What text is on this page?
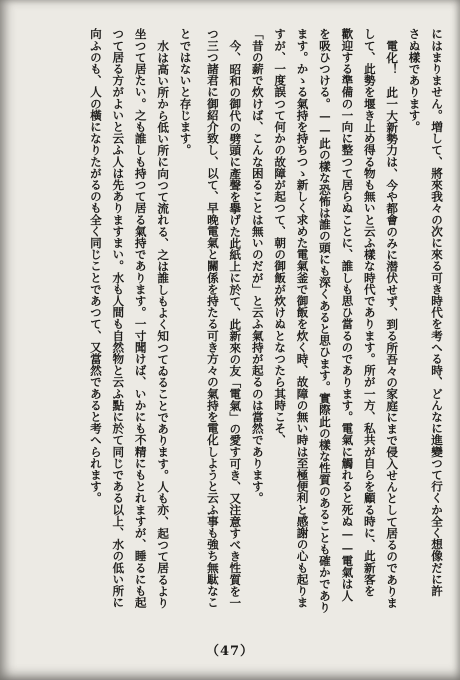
にはまりません。増して、將來我々の次に來る可き時代を考へる時、どんなに進變つて行くか全く想像だに許

さぬ樣であります。

電化！　此一大新勢力は、今や都會のみに潜伏せず、到る所吾々の家庭にまで侵入せんとして居るのでありま

して、此勢を堰き止め得る物も無いと云ふ樣な時代であります。所が一方、私共が自らを顧る時に、此新客を

歡迎する準備の一向に整つて居らぬことに、誰しも思ひ當るのであります。電氣に觸れると死ぬ——電氣は人

を吸ひつける。——此の樣な恐怖は誰の頭にも深くあると思ひます。實際此の樣な性質のあることも確かであり

ます。かゝる氣持を持ちつゝ新しく求めた電氣釜で御飯を炊く時、故障の無い時は至極便利と感謝の心も起りま

すが、一度誤つて何かの故障が起つて、朝の御飯が炊けぬとなつたら其時こそ、

「昔の薪で炊けば、こんな困ることは無いのだが」と云ふ氣持が起るのは當然であります。

今、昭和の御代の劈頭に產聲を擧げた此紙上に於て、此新來の友「電氣」の愛す可き、又注意すべき性質を一

つ三つ諸君に御紹介致し、以て、早晚電氣と關係を持たる可き方々の氣持を電化しようと云ふ事も強ち無駄なこ

とではないと存じます。

水は高い所から低い所に向つて流れる、之は誰しもよく知つてゐることであります。人も亦、起つて居るより

坐つて居たい。之も誰しも持つて居る氣持であります。一寸聞けば、いかにも不精にもとれますが、睡るにも起

つて居る方がよいと云ふ人は先ありますまい。水も人間も自然物と云ふ點に於て同じである以上、水の低い所に

向ふのも、人の橫になりたがるのも全く同じことであつて、又當然であると考へられます。

（47）
